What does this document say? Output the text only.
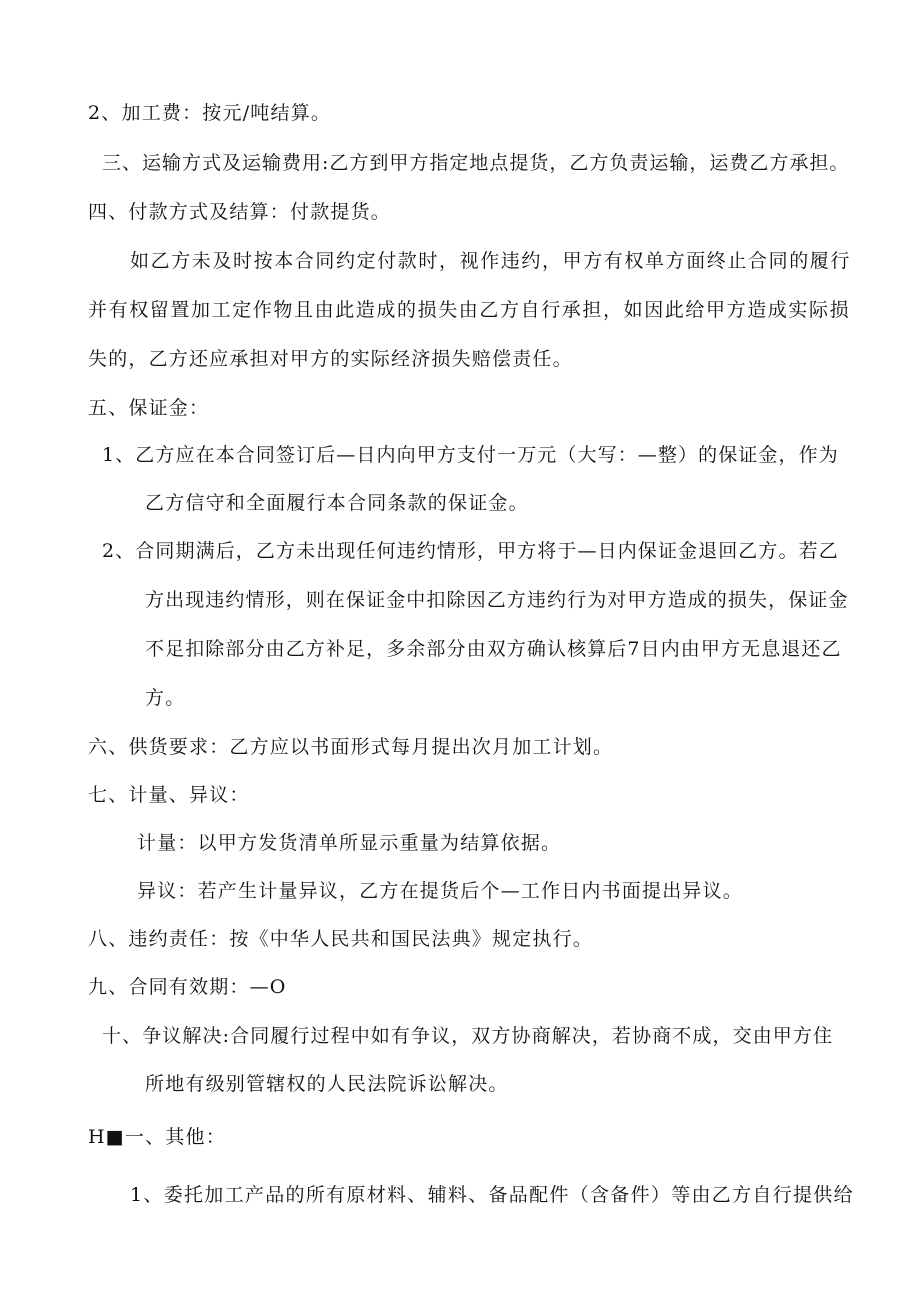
2、加工费：按元/吨结算。
三、运输方式及运输费用:乙方到甲方指定地点提货，乙方负责运输，运费乙方承担。
四、付款方式及结算：付款提货。
如乙方未及时按本合同约定付款时，视作违约，甲方有权单方面终止合同的履行
并有权留置加工定作物且由此造成的损失由乙方自行承担，如因此给甲方造成实际损
失的，乙方还应承担对甲方的实际经济损失赔偿责任。
五、保证金：
1、乙方应在本合同签订后—日内向甲方支付一万元（大写：—整）的保证金，作为
乙方信守和全面履行本合同条款的保证金。
2、合同期满后，乙方未出现任何违约情形，甲方将于—日内保证金退回乙方。若乙
方出现违约情形，则在保证金中扣除因乙方违约行为对甲方造成的损失，保证金
不足扣除部分由乙方补足，多余部分由双方确认核算后7日内由甲方无息退还乙
方。
六、供货要求：乙方应以书面形式每月提出次月加工计划。
七、计量、异议：
计量：以甲方发货清单所显示重量为结算依据。
异议：若产生计量异议，乙方在提货后个—工作日内书面提出异议。
八、违约责任：按《中华人民共和国民法典》规定执行。
九、合同有效期：—O
十、争议解决:合同履行过程中如有争议，双方协商解决，若协商不成，交由甲方住
所地有级别管辖权的人民法院诉讼解决。
H■一、其他：
1、委托加工产品的所有原材料、辅料、备品配件（含备件）等由乙方自行提供给
